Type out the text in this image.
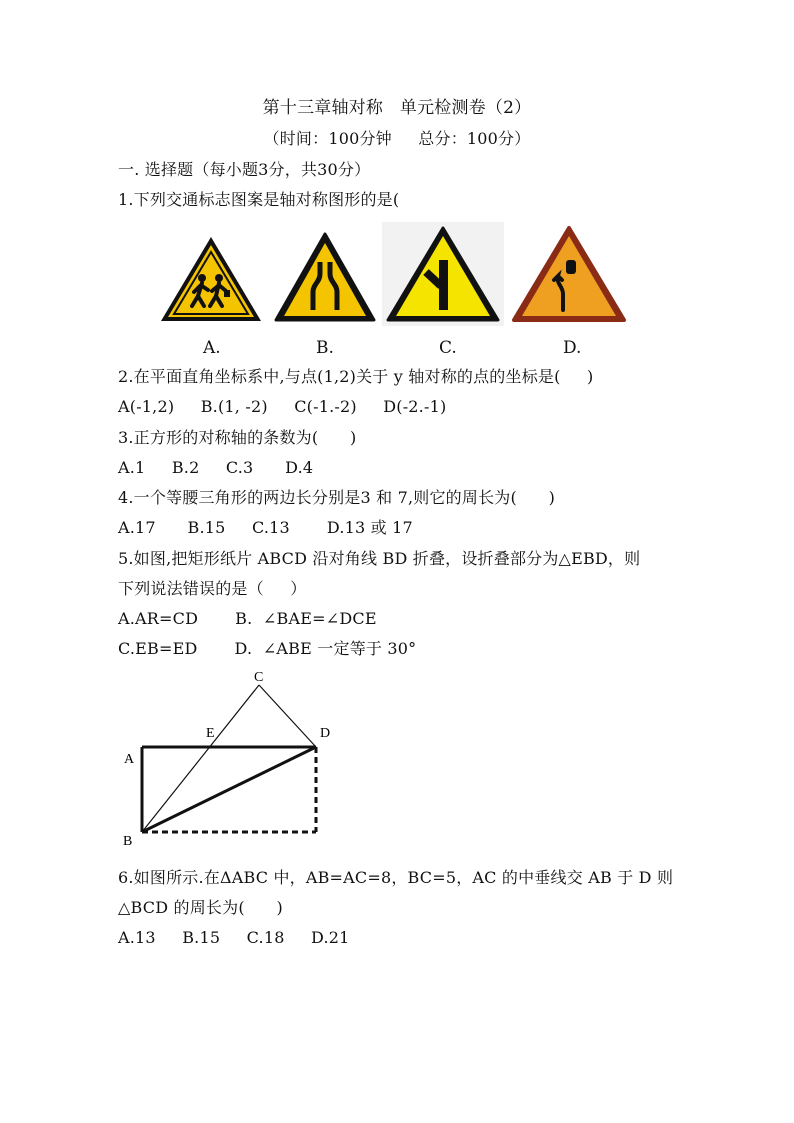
第十三章轴对称   单元检测卷（2）
（时间：100分钟     总分：100分）
一. 选择题（每小题3分，共30分）
1.下列交通标志图案是轴对称图形的是(
A.	B.	C.	D.
2.在平面直角坐标系中,与点(1,2)关于 y 轴对称的点的坐标是(     )
A(-1,2)     B.(1, -2)     C(-1.-2)     D(-2.-1)
3.正方形的对称轴的条数为(      )
A.1     B.2     C.3      D.4
4.一个等腰三角形的两边长分别是3 和 7,则它的周长为(      )
A.17      B.15     C.13       D.13 或 17
5.如图,把矩形纸片 ABCD 沿对角线 BD 折叠，设折叠部分为△EBD，则
下列说法错误的是（     ）
A.AR=CD       B.  ∠BAE=∠DCE
C.EB=ED       D.  ∠ABE 一定等于 30°
C
E	D
A
B
6.如图所示.在ΔABC 中，AB=AC=8，BC=5，AC 的中垂线交 AB 于 D 则
△BCD 的周长为(      )
A.13     B.15     C.18     D.21
